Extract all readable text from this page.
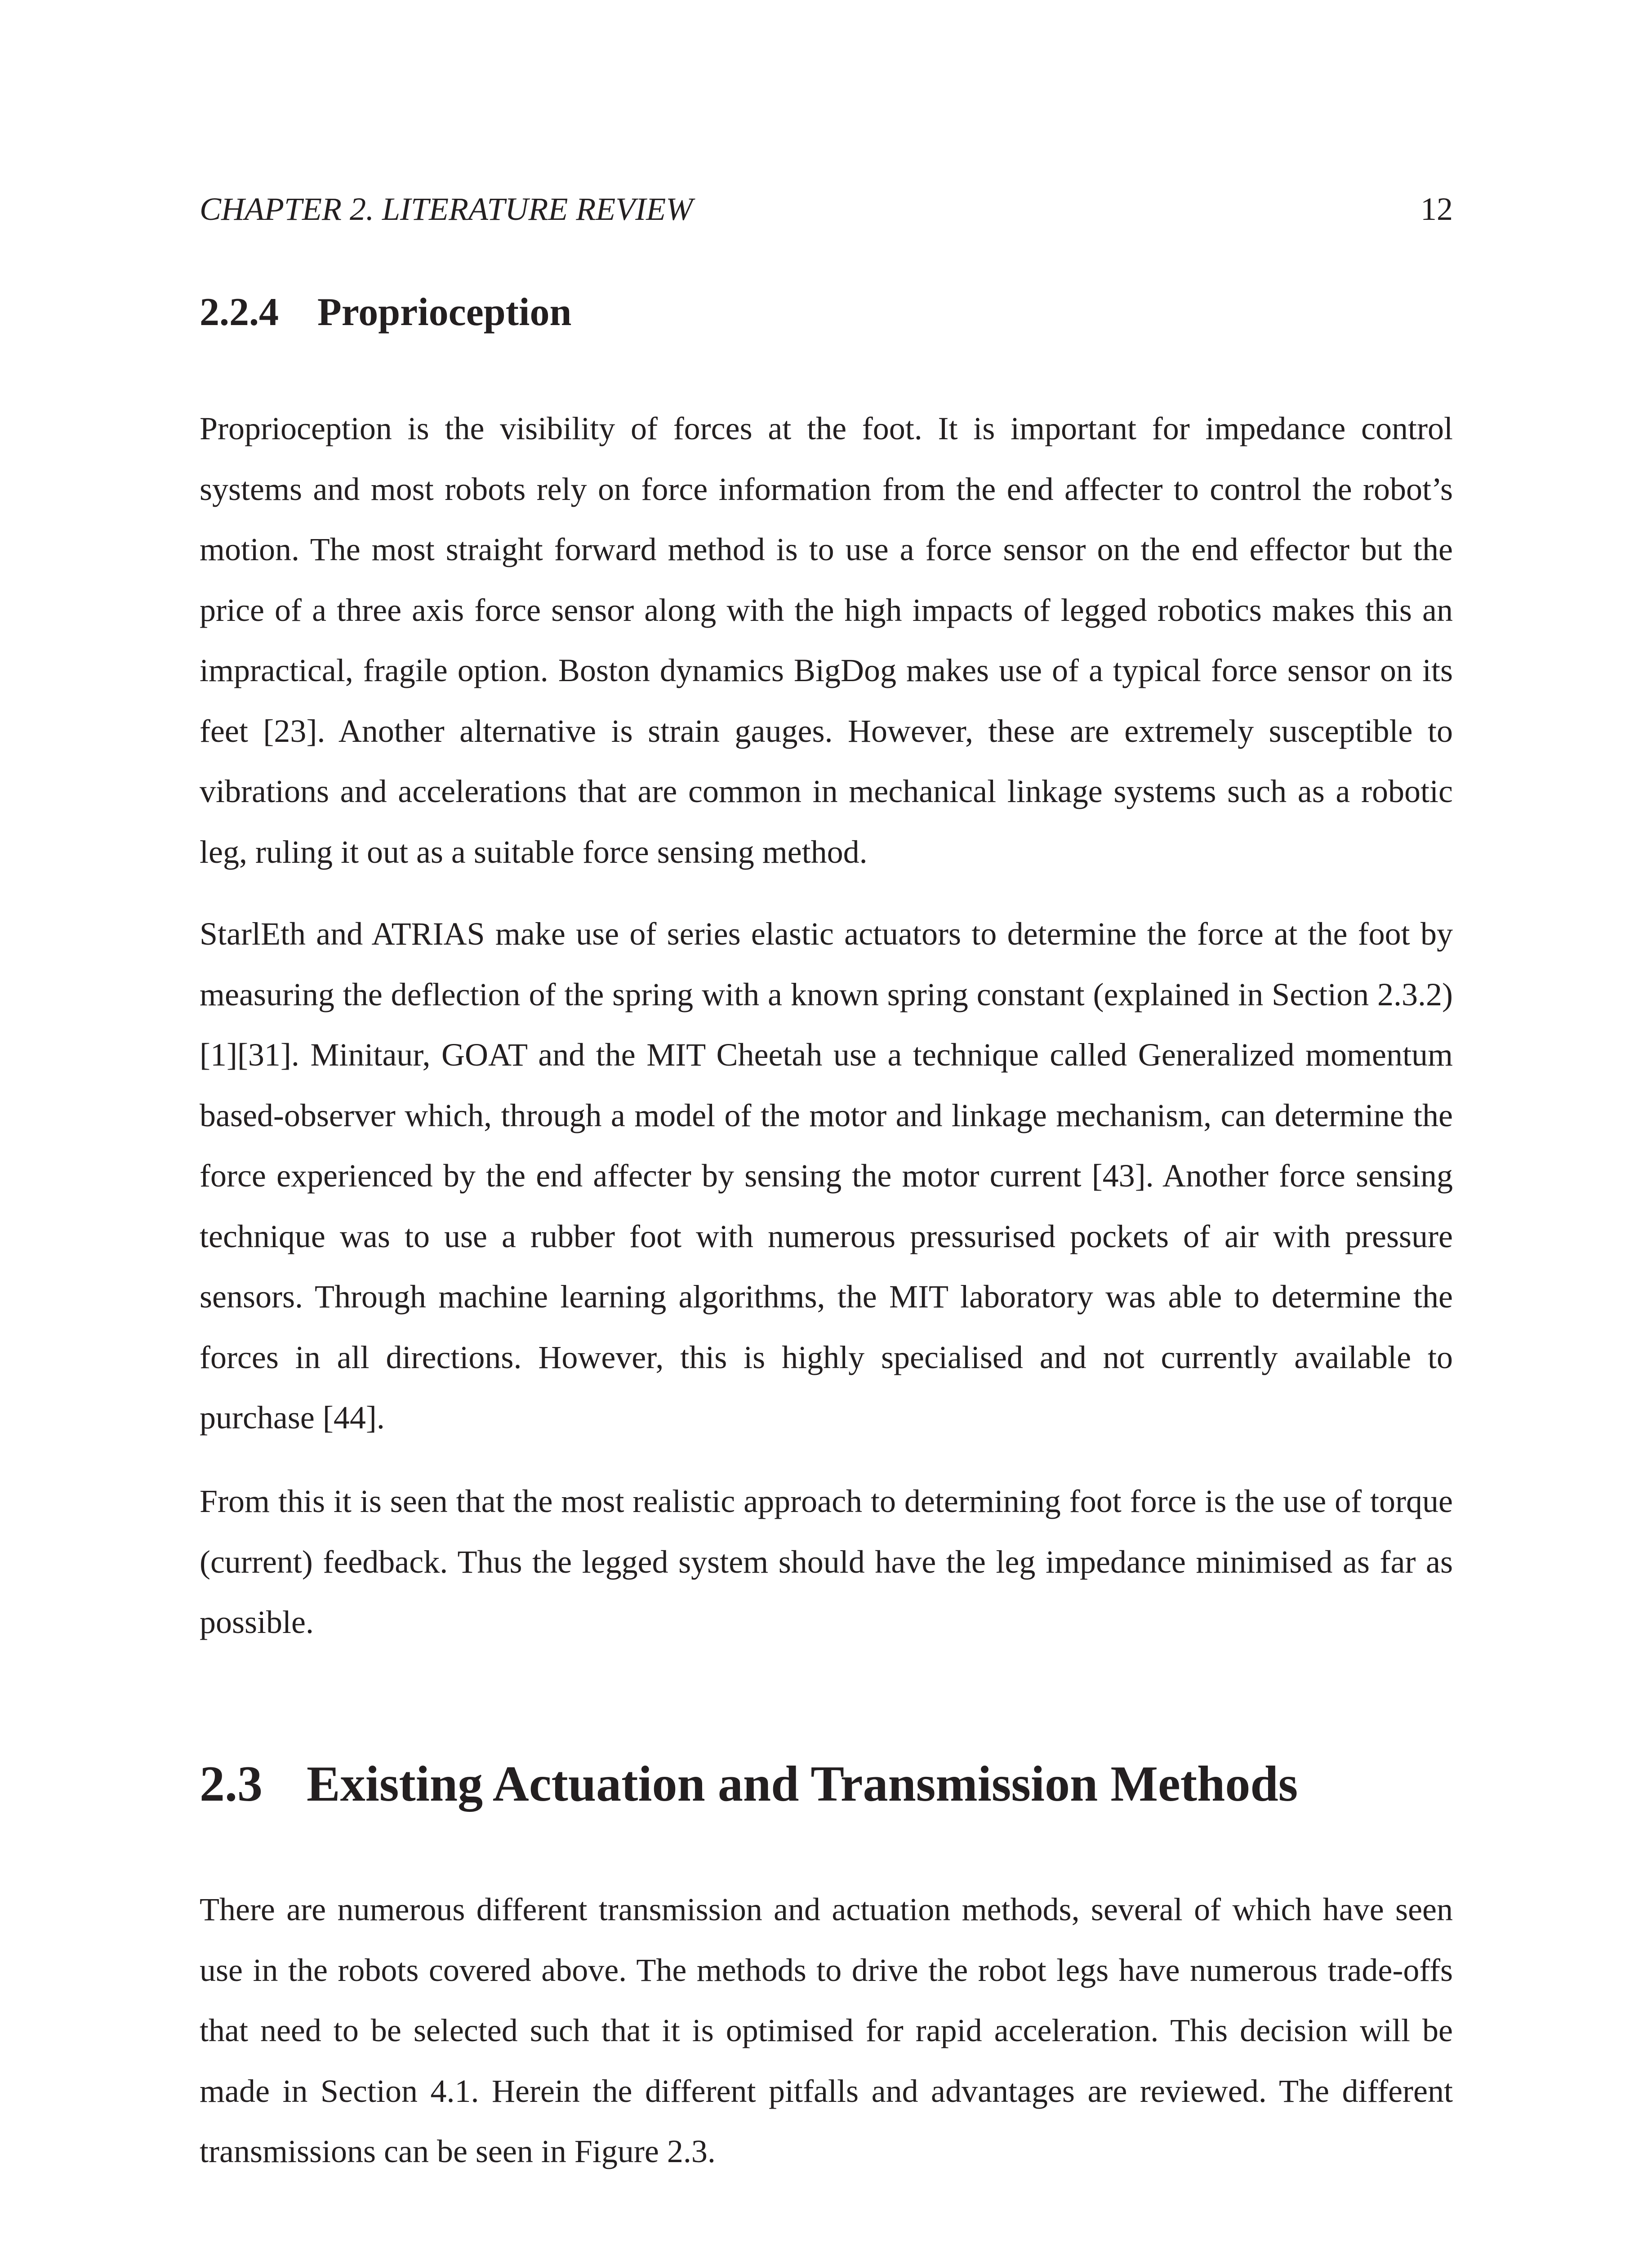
CHAPTER 2. LITERATURE REVIEW	12
2.2.4 Proprioception

Proprioception is the visibility of forces at the foot. It is important for impedance control systems and most robots rely on force information from the end affecter to control the robot’s motion. The most straight forward method is to use a force sensor on the end effector but the price of a three axis force sensor along with the high impacts of legged robotics makes this an impractical, fragile option. Boston dynamics BigDog makes use of a typical force sensor on its feet [23]. Another alternative is strain gauges. However, these are extremely susceptible to vibrations and accelerations that are common in mechanical linkage systems such as a robotic leg, ruling it out as a suitable force sensing method.

StarlEth and ATRIAS make use of series elastic actuators to determine the force at the foot by measuring the deflection of the spring with a known spring constant (explained in Section 2.3.2) [1][31]. Minitaur, GOAT and the MIT Cheetah use a technique called Generalized momentum based-observer which, through a model of the motor and linkage mechanism, can determine the force experienced by the end affecter by sensing the motor current [43]. Another force sensing technique was to use a rubber foot with numerous pressurised pockets of air with pressure sensors. Through machine learning algorithms, the MIT laboratory was able to determine the forces in all directions. However, this is highly specialised and not currently available to purchase [44].

From this it is seen that the most realistic approach to determining foot force is the use of torque (current) feedback. Thus the legged system should have the leg impedance minimised as far as possible.

2.3 Existing Actuation and Transmission Methods

There are numerous different transmission and actuation methods, several of which have seen use in the robots covered above. The methods to drive the robot legs have numerous trade-offs that need to be selected such that it is optimised for rapid acceleration. This decision will be made in Section 4.1. Herein the different pitfalls and advantages are reviewed. The different transmissions can be seen in Figure 2.3.
